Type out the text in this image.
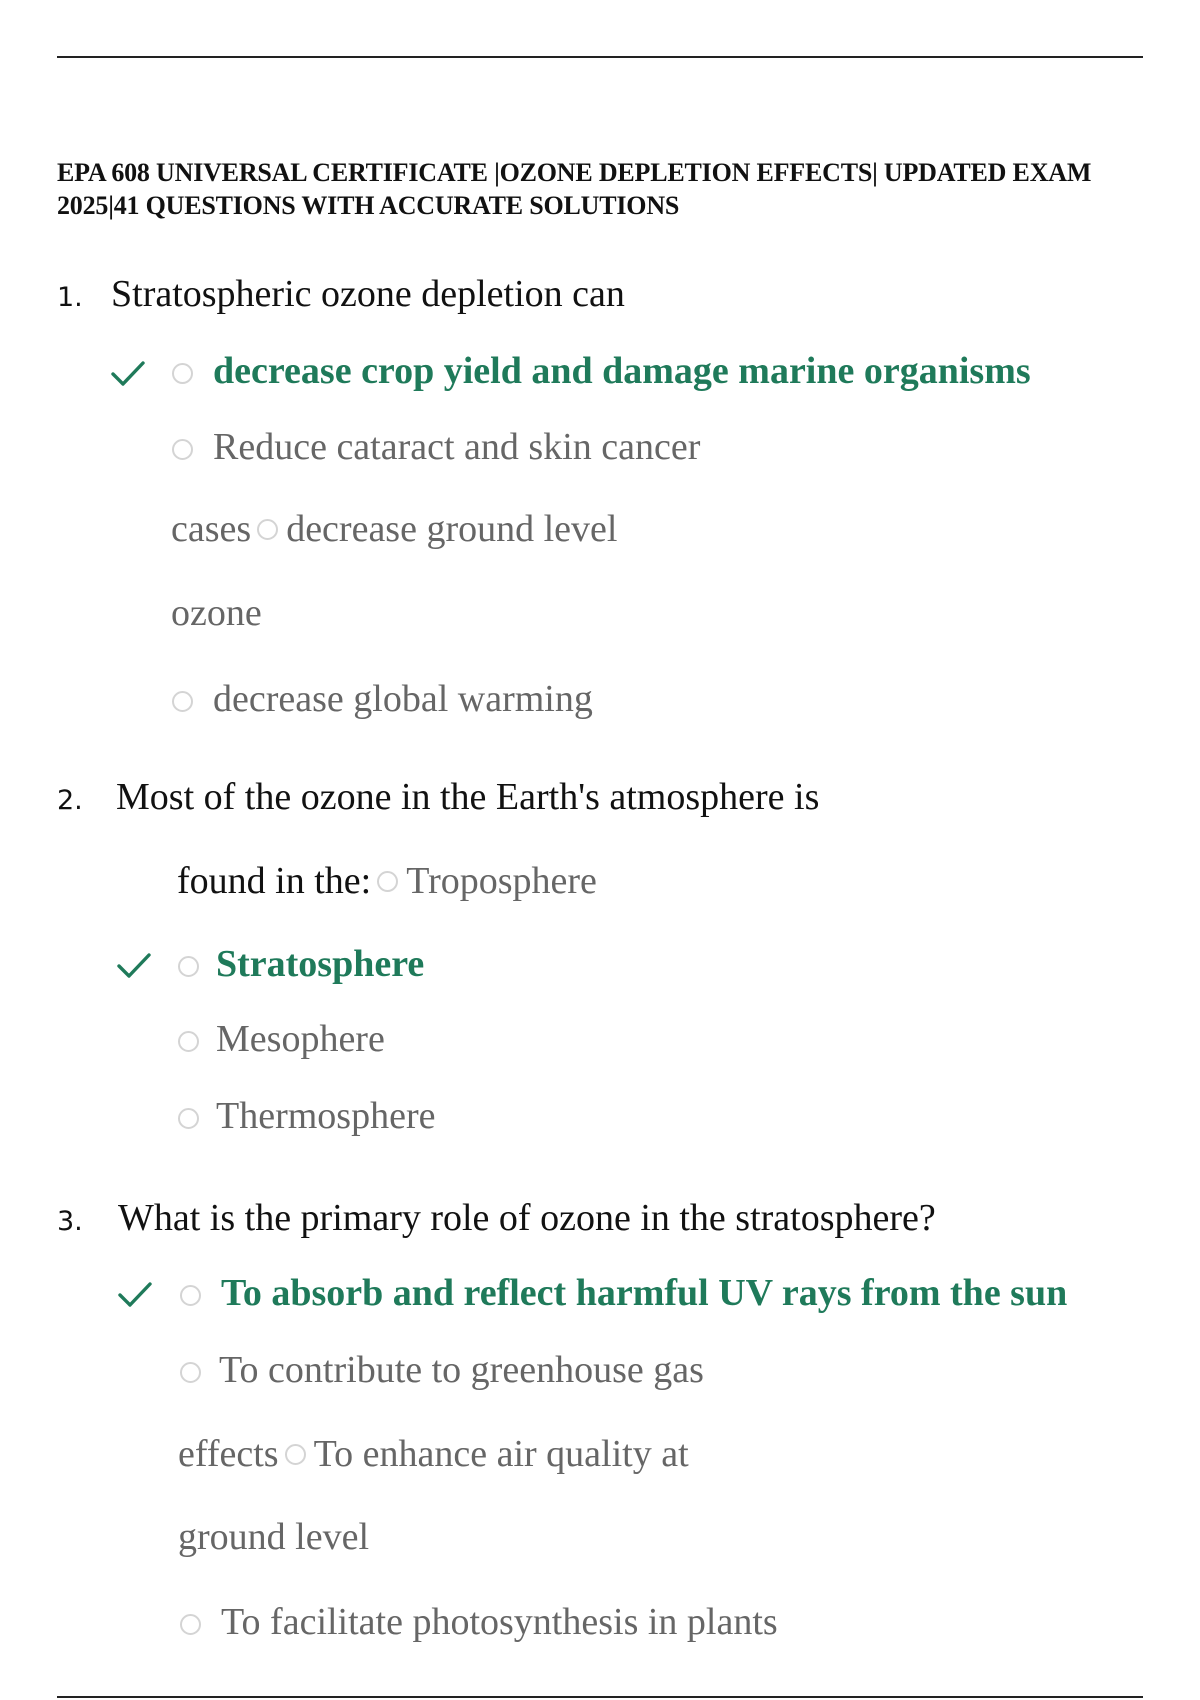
EPA 608 UNIVERSAL CERTIFICATE |OZONE DEPLETION EFFECTS| UPDATED EXAM 2025|41 QUESTIONS WITH ACCURATE SOLUTIONS
1. Stratospheric ozone depletion can
decrease crop yield and damage marine organisms
Reduce cataract and skin cancer
cases decrease ground level
ozone
decrease global warming
2. Most of the ozone in the Earth's atmosphere is
found in the: Troposphere
Stratosphere
Mesophere
Thermosphere
3. What is the primary role of ozone in the stratosphere?
To absorb and reflect harmful UV rays from the sun
To contribute to greenhouse gas
effects To enhance air quality at
ground level
To facilitate photosynthesis in plants
